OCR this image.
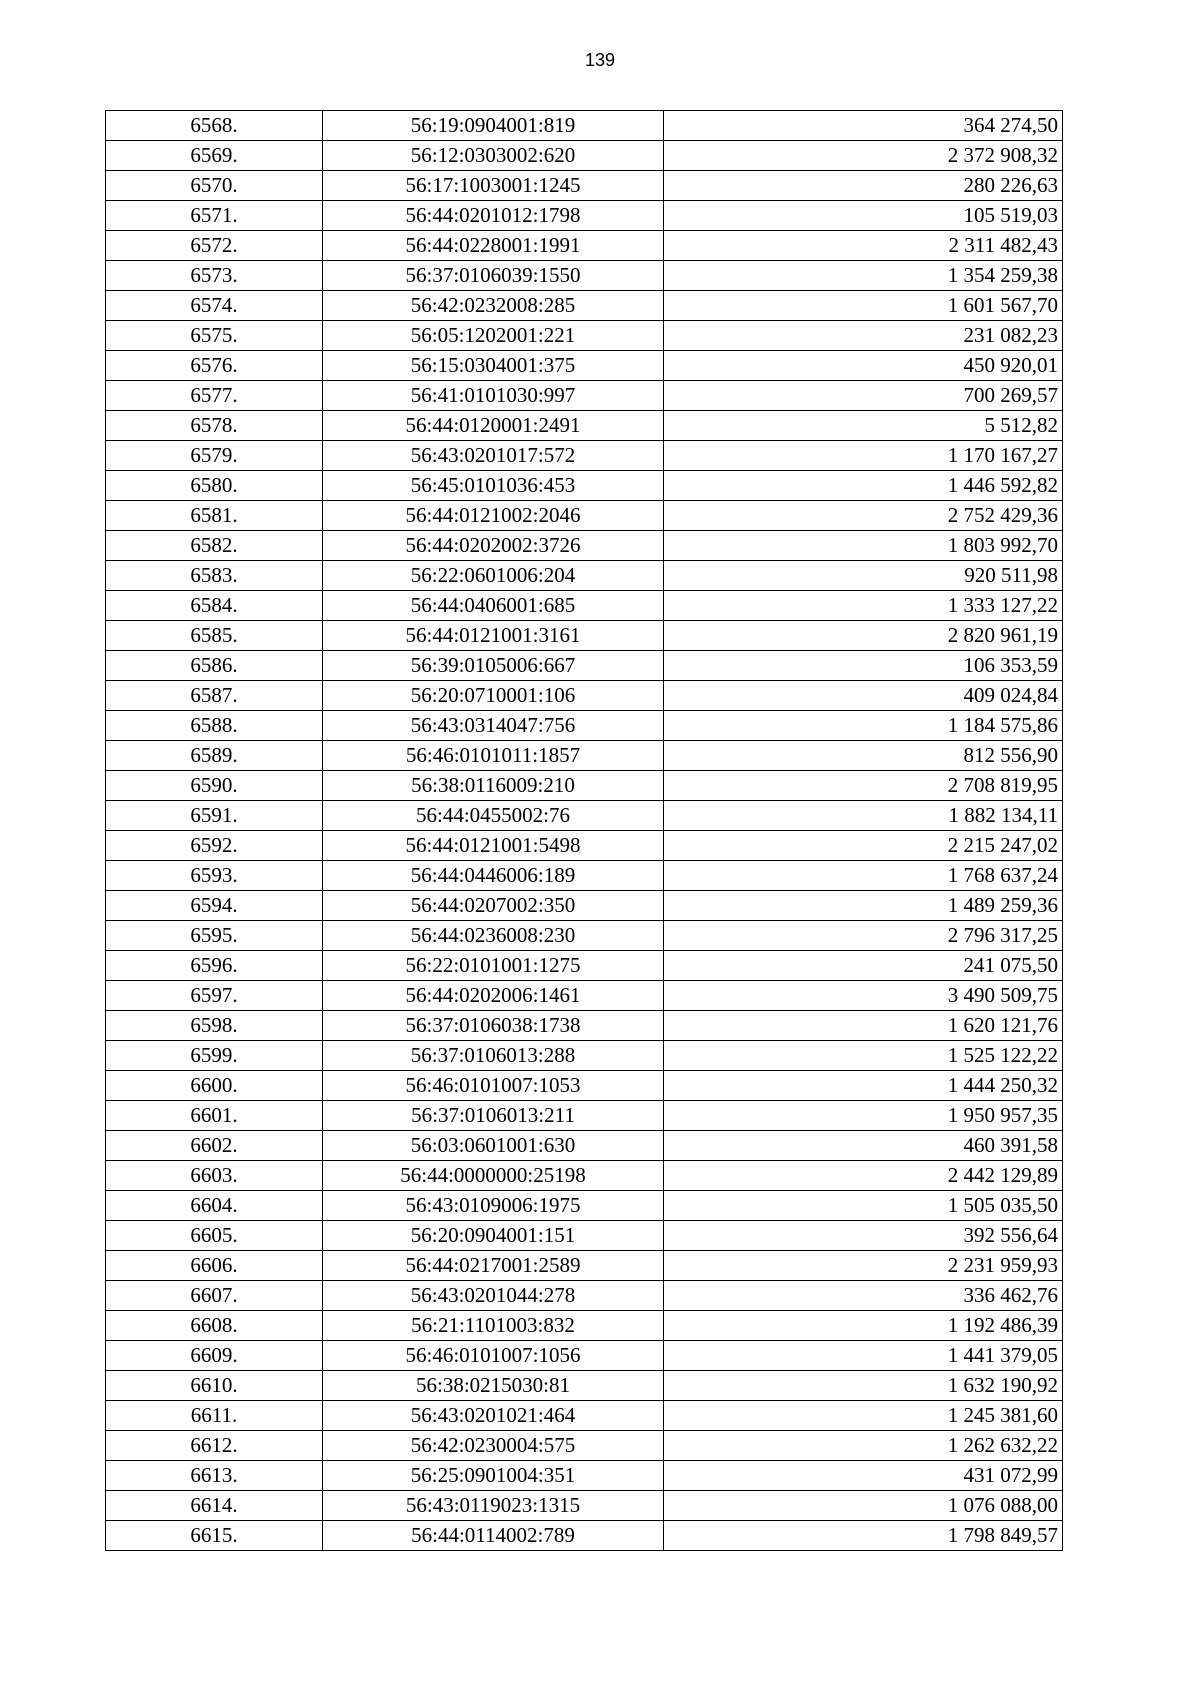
139
6568.	56:19:0904001:819	364 274,50
6569.	56:12:0303002:620	2 372 908,32
6570.	56:17:1003001:1245	280 226,63
6571.	56:44:0201012:1798	105 519,03
6572.	56:44:0228001:1991	2 311 482,43
6573.	56:37:0106039:1550	1 354 259,38
6574.	56:42:0232008:285	1 601 567,70
6575.	56:05:1202001:221	231 082,23
6576.	56:15:0304001:375	450 920,01
6577.	56:41:0101030:997	700 269,57
6578.	56:44:0120001:2491	5 512,82
6579.	56:43:0201017:572	1 170 167,27
6580.	56:45:0101036:453	1 446 592,82
6581.	56:44:0121002:2046	2 752 429,36
6582.	56:44:0202002:3726	1 803 992,70
6583.	56:22:0601006:204	920 511,98
6584.	56:44:0406001:685	1 333 127,22
6585.	56:44:0121001:3161	2 820 961,19
6586.	56:39:0105006:667	106 353,59
6587.	56:20:0710001:106	409 024,84
6588.	56:43:0314047:756	1 184 575,86
6589.	56:46:0101011:1857	812 556,90
6590.	56:38:0116009:210	2 708 819,95
6591.	56:44:0455002:76	1 882 134,11
6592.	56:44:0121001:5498	2 215 247,02
6593.	56:44:0446006:189	1 768 637,24
6594.	56:44:0207002:350	1 489 259,36
6595.	56:44:0236008:230	2 796 317,25
6596.	56:22:0101001:1275	241 075,50
6597.	56:44:0202006:1461	3 490 509,75
6598.	56:37:0106038:1738	1 620 121,76
6599.	56:37:0106013:288	1 525 122,22
6600.	56:46:0101007:1053	1 444 250,32
6601.	56:37:0106013:211	1 950 957,35
6602.	56:03:0601001:630	460 391,58
6603.	56:44:0000000:25198	2 442 129,89
6604.	56:43:0109006:1975	1 505 035,50
6605.	56:20:0904001:151	392 556,64
6606.	56:44:0217001:2589	2 231 959,93
6607.	56:43:0201044:278	336 462,76
6608.	56:21:1101003:832	1 192 486,39
6609.	56:46:0101007:1056	1 441 379,05
6610.	56:38:0215030:81	1 632 190,92
6611.	56:43:0201021:464	1 245 381,60
6612.	56:42:0230004:575	1 262 632,22
6613.	56:25:0901004:351	431 072,99
6614.	56:43:0119023:1315	1 076 088,00
6615.	56:44:0114002:789	1 798 849,57
